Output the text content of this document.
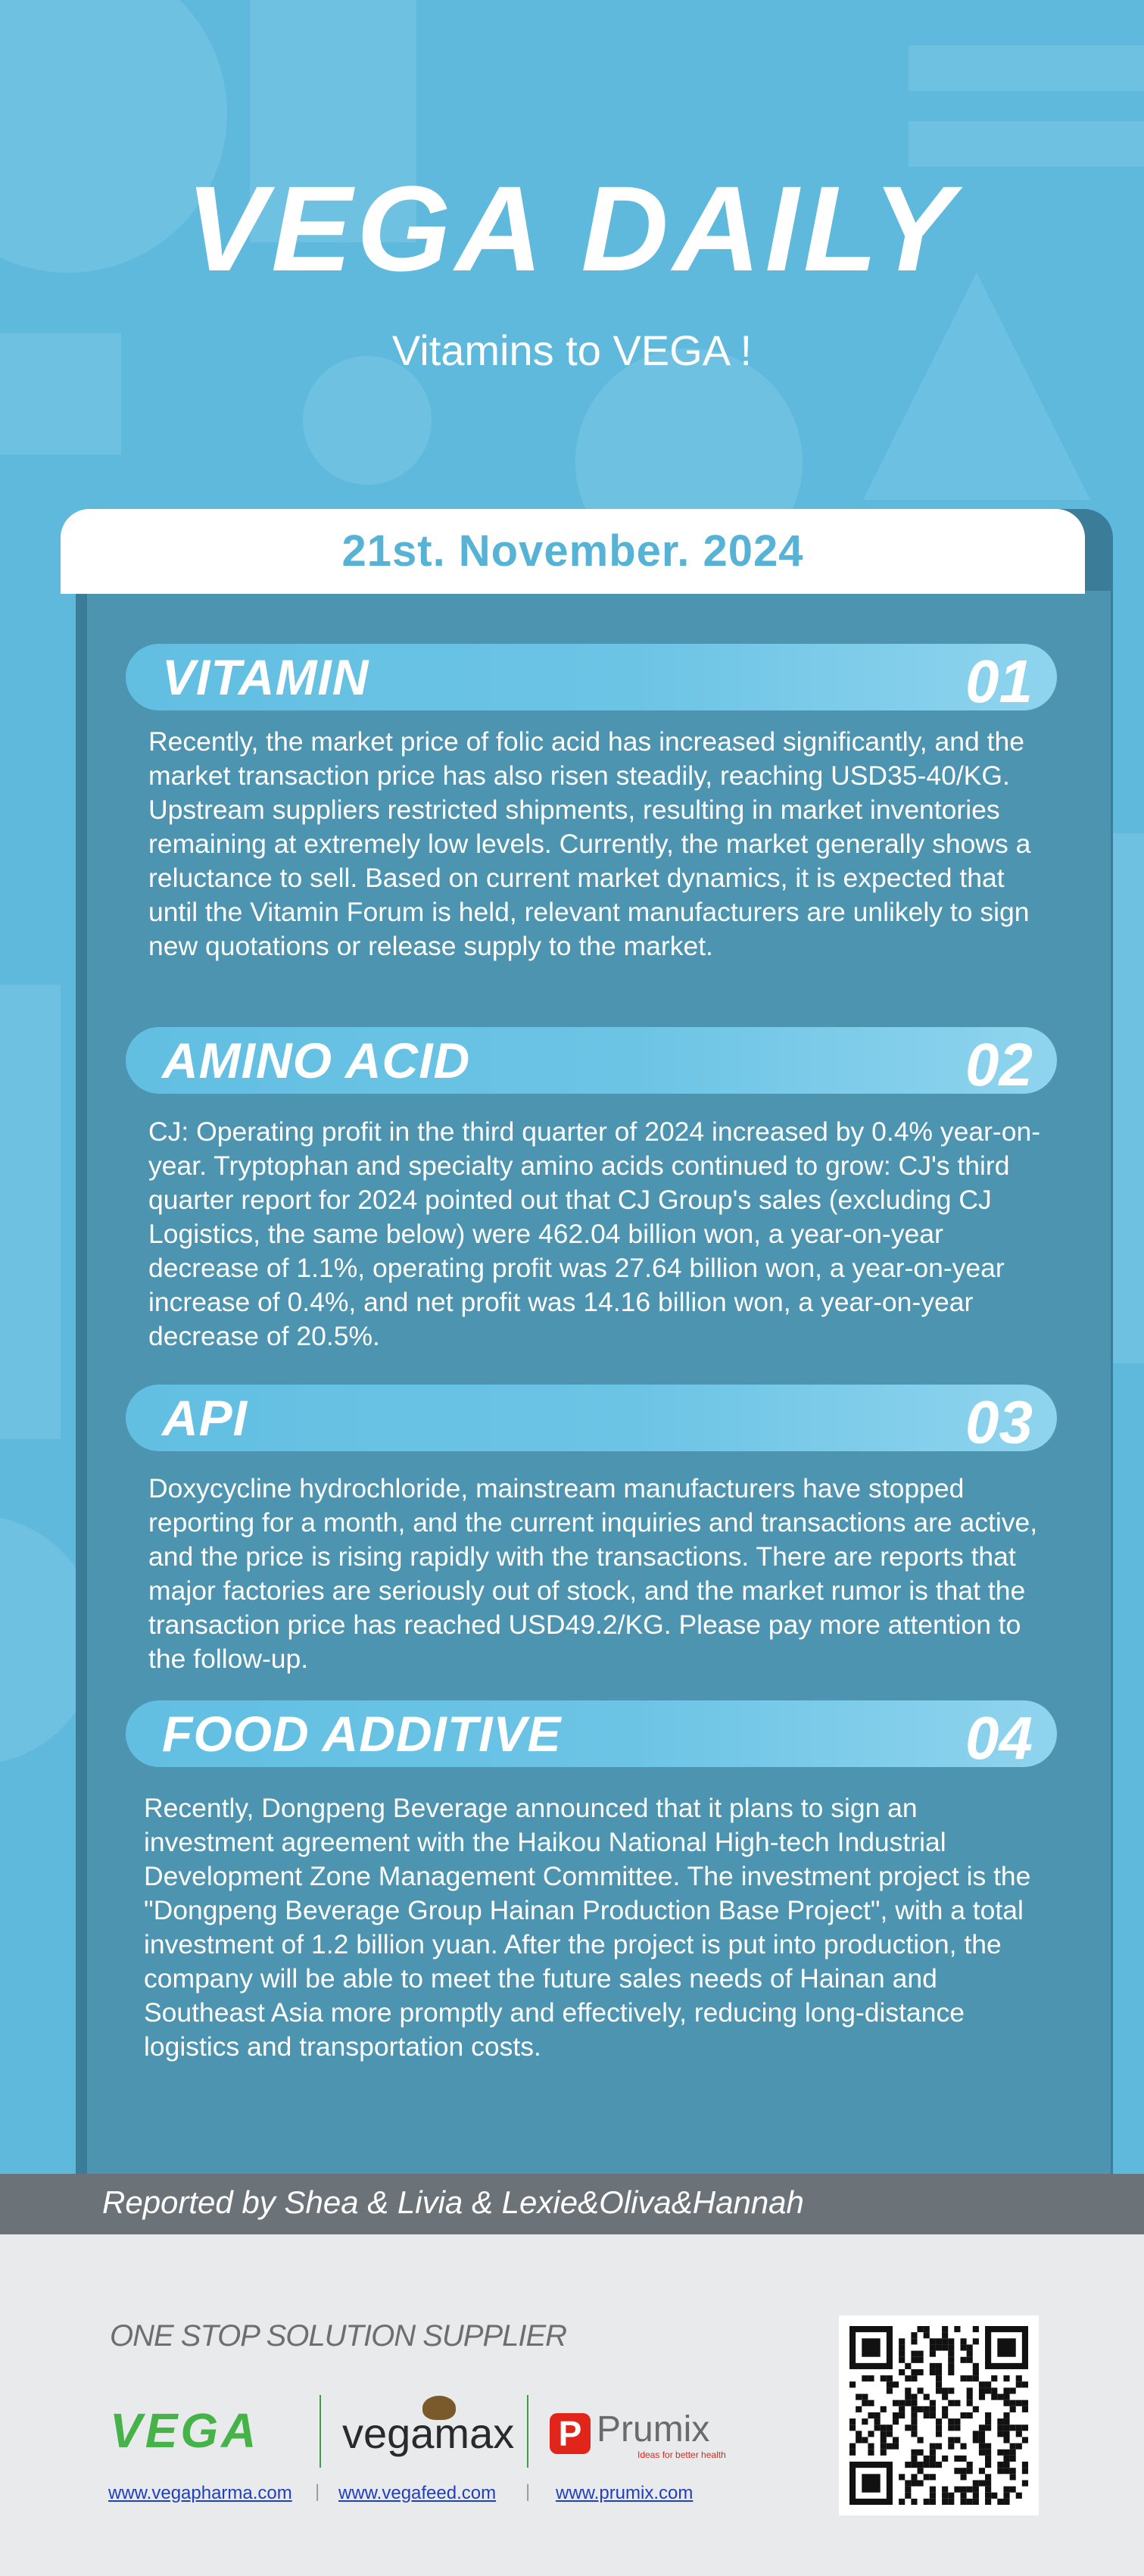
VEGA DAILY
Vitamins to VEGA !
21st. November. 2024
VITAMIN	01
Recently, the market price of folic acid has increased significantly, and the market transaction price has also risen steadily, reaching USD35-40/KG. Upstream suppliers restricted shipments, resulting in market inventories remaining at extremely low levels. Currently, the market generally shows a reluctance to sell. Based on current market dynamics, it is expected that until the Vitamin Forum is held, relevant manufacturers are unlikely to sign new quotations or release supply to the market.
AMINO ACID	02
CJ: Operating profit in the third quarter of 2024 increased by 0.4% year-on-year. Tryptophan and specialty amino acids continued to grow: CJ's third quarter report for 2024 pointed out that CJ Group's sales (excluding CJ Logistics, the same below) were 462.04 billion won, a year-on-year decrease of 1.1%, operating profit was 27.64 billion won, a year-on-year increase of 0.4%, and net profit was 14.16 billion won, a year-on-year decrease of 20.5%.
API	03
Doxycycline hydrochloride, mainstream manufacturers have stopped reporting for a month, and the current inquiries and transactions are active, and the price is rising rapidly with the transactions. There are reports that major factories are seriously out of stock, and the market rumor is that the transaction price has reached USD49.2/KG. Please pay more attention to the follow-up.
FOOD ADDITIVE	04
Recently, Dongpeng Beverage announced that it plans to sign an investment agreement with the Haikou National High-tech Industrial Development Zone Management Committee. The investment project is the "Dongpeng Beverage Group Hainan Production Base Project", with a total investment of 1.2 billion yuan. After the project is put into production, the company will be able to meet the future sales needs of Hainan and Southeast Asia more promptly and effectively, reducing long-distance logistics and transportation costs.
Reported by Shea & Livia & Lexie&Oliva&Hannah
ONE STOP SOLUTION SUPPLIER
VEGA vegamax P Prumix
Ideas for better health
www.vegapharma.com | www.vegafeed.com | www.prumix.com
